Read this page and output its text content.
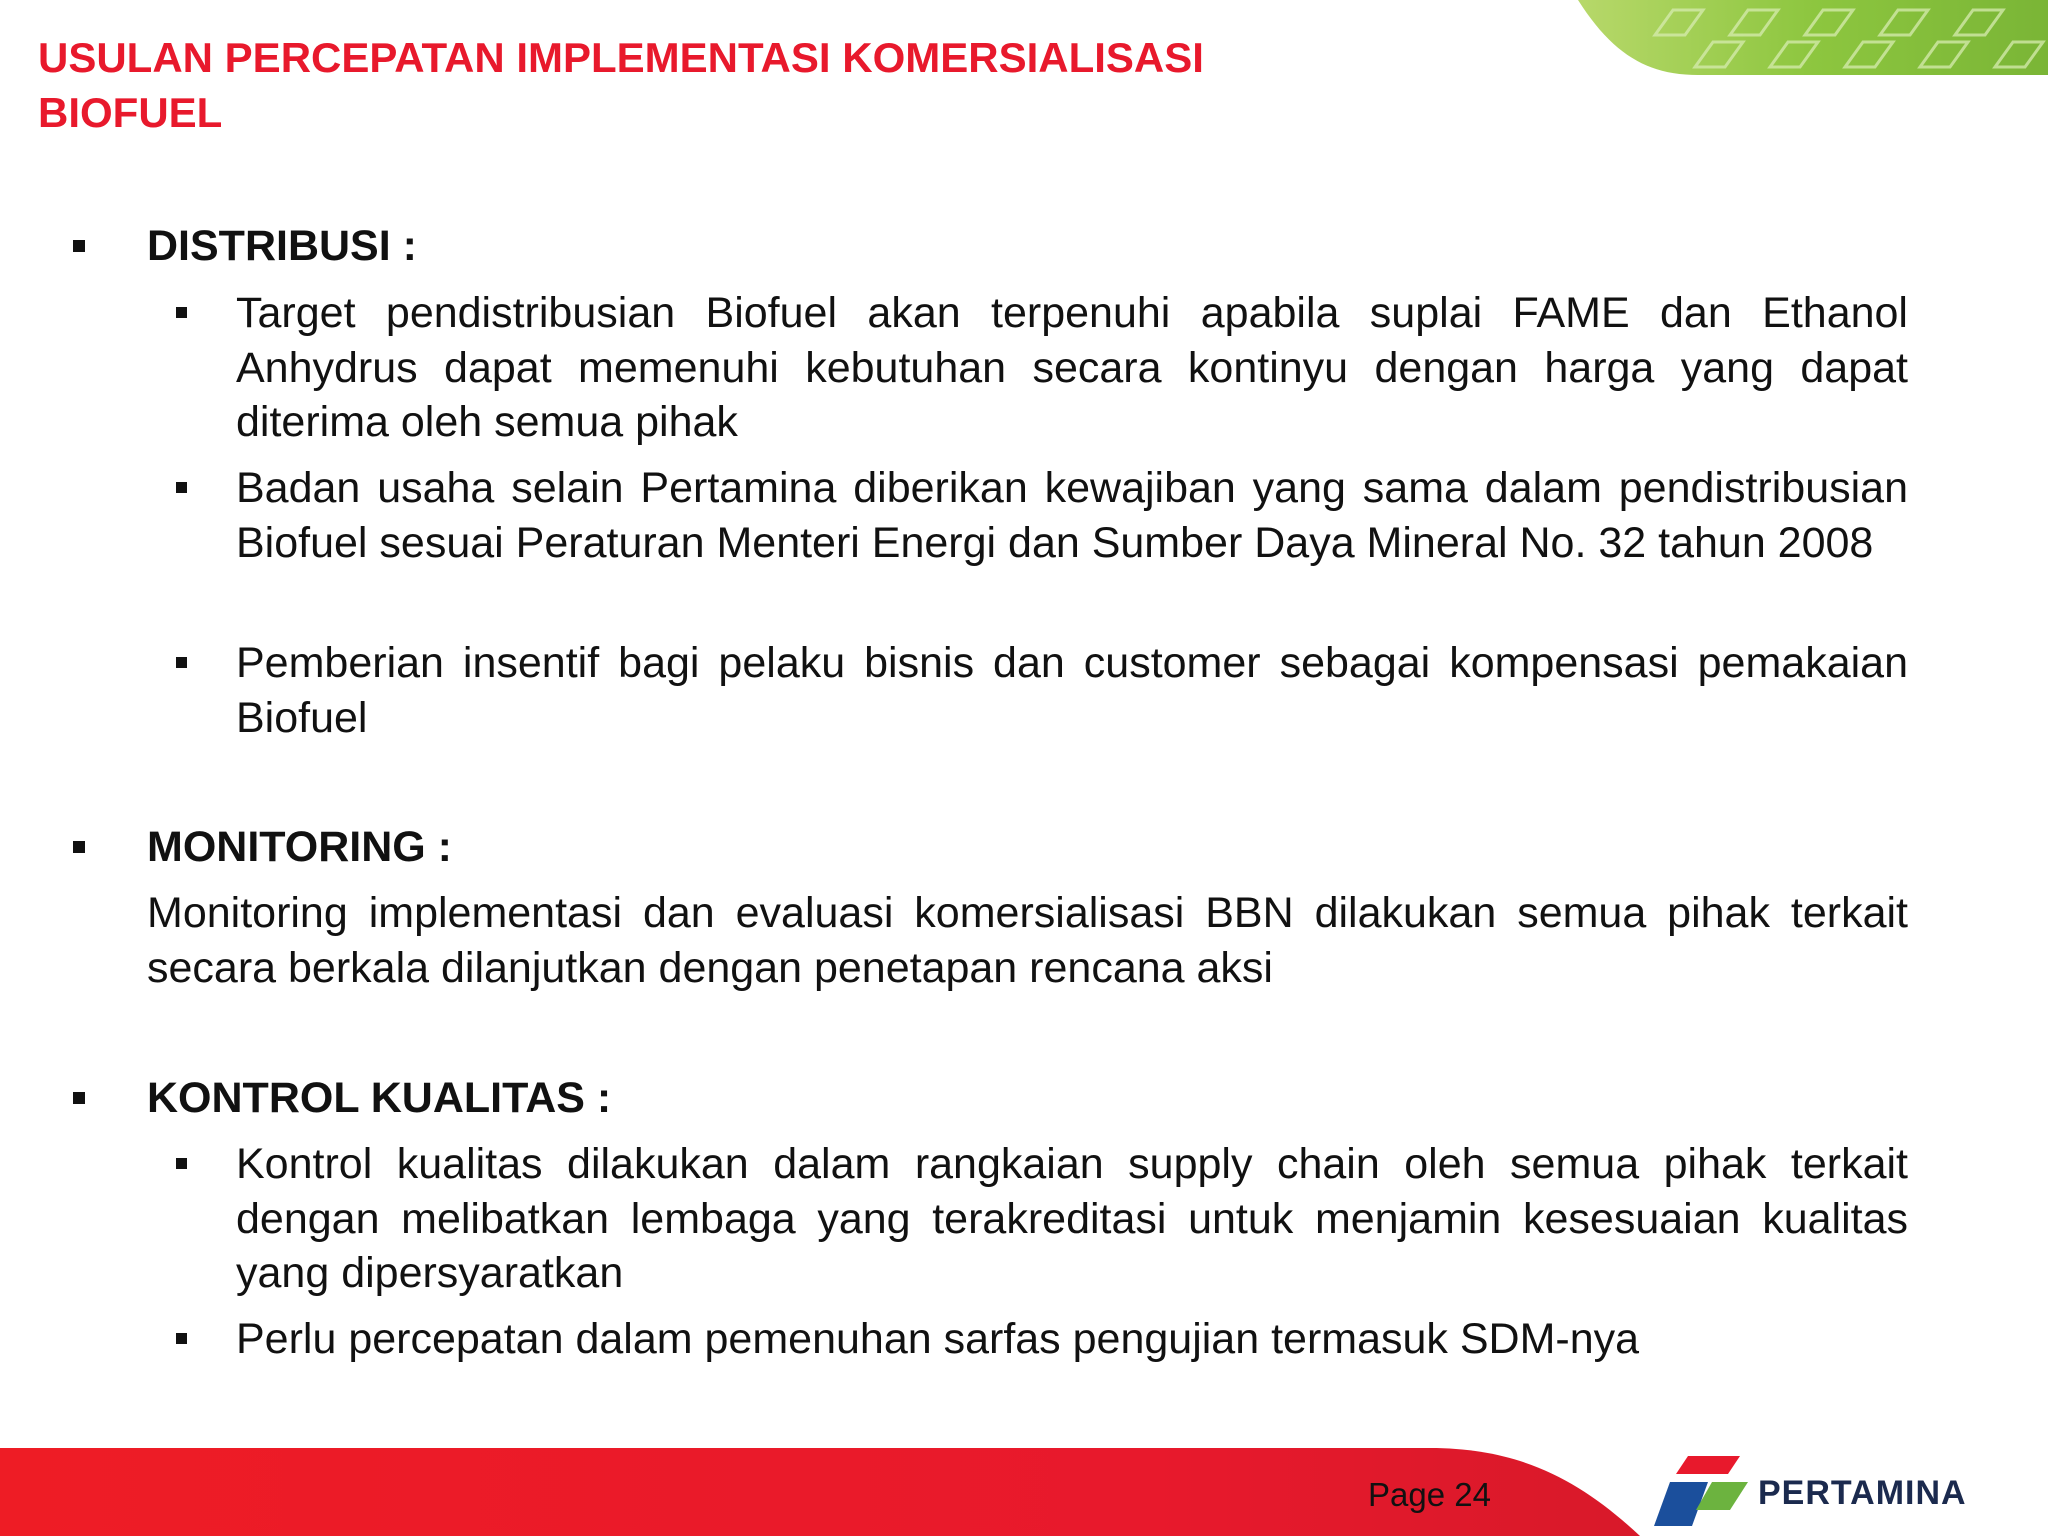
USULAN PERCEPATAN IMPLEMENTASI KOMERSIALISASI
BIOFUEL
DISTRIBUSI :
Target pendistribusian Biofuel akan terpenuhi apabila suplai FAME dan Ethanol Anhydrus dapat memenuhi kebutuhan secara kontinyu dengan harga yang dapat diterima oleh semua pihak
Badan usaha selain Pertamina diberikan kewajiban yang sama dalam pendistribusian Biofuel sesuai Peraturan Menteri Energi dan Sumber Daya Mineral No. 32 tahun 2008
Pemberian insentif bagi pelaku bisnis dan customer sebagai kompensasi pemakaian Biofuel
MONITORING :
Monitoring implementasi dan evaluasi komersialisasi BBN dilakukan semua pihak terkait secara berkala dilanjutkan dengan penetapan rencana aksi
KONTROL KUALITAS :
Kontrol kualitas dilakukan dalam rangkaian supply chain oleh semua pihak terkait dengan melibatkan lembaga yang terakreditasi untuk menjamin kesesuaian kualitas yang dipersyaratkan
Perlu percepatan dalam pemenuhan sarfas pengujian termasuk SDM-nya
Page 24	PERTAMINA
